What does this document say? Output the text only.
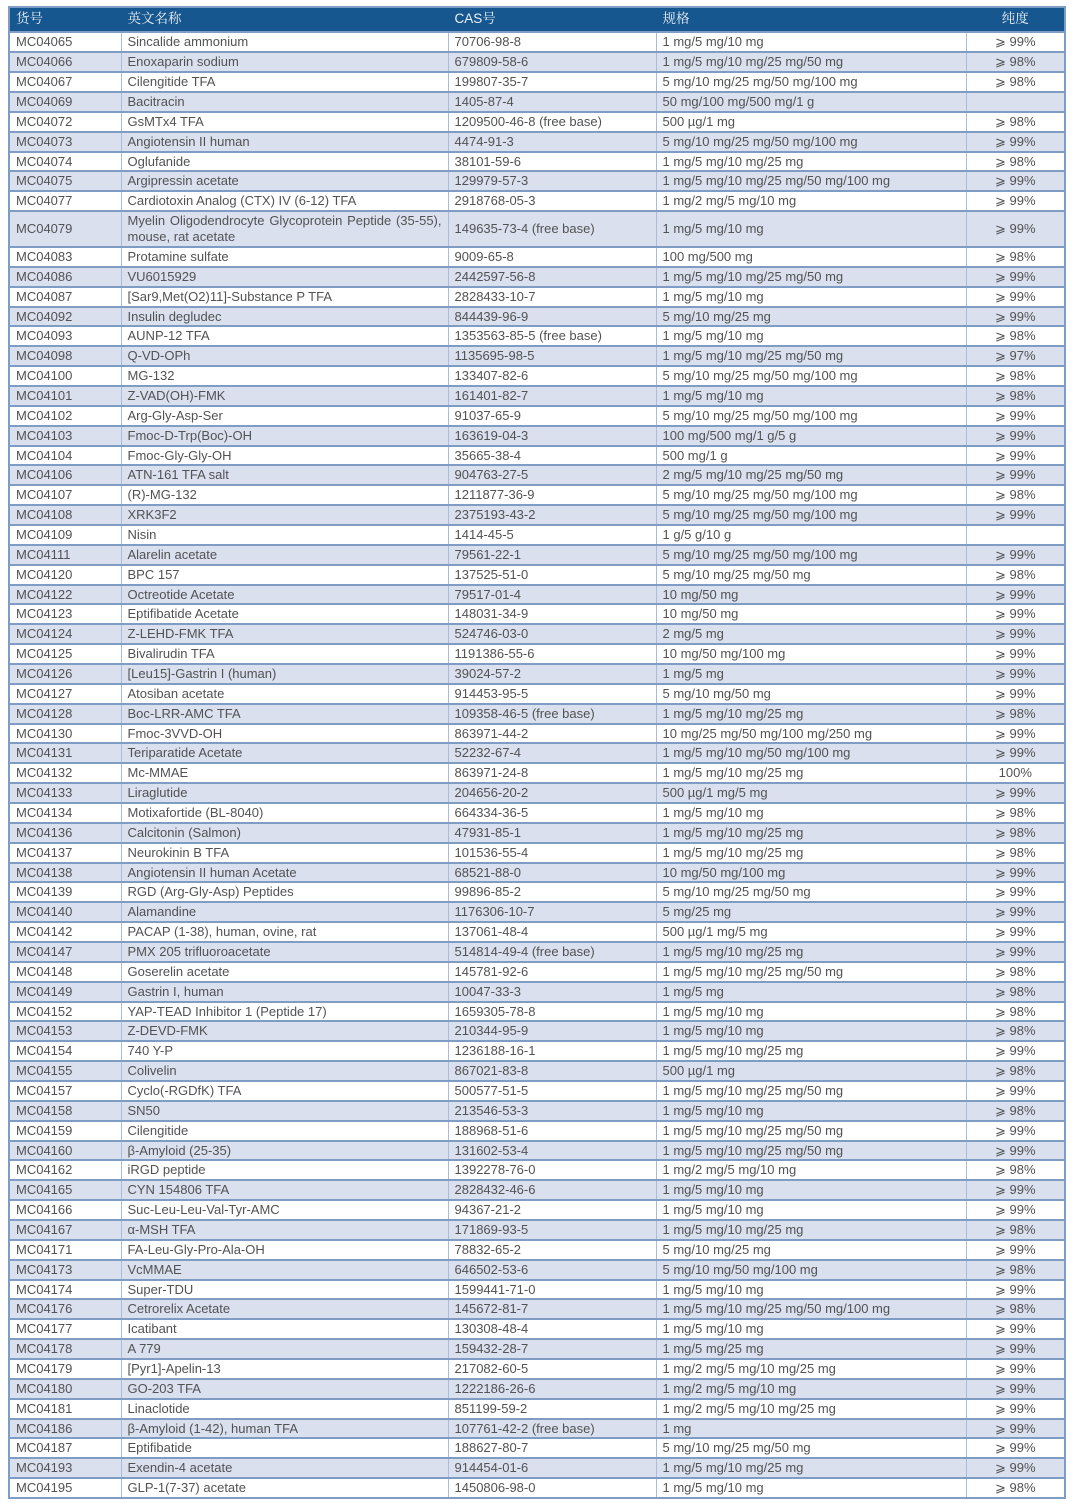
货号	英文名称	CAS号	规格	纯度
MC04065	Sincalide ammonium	70706-98-8	1 mg/5 mg/10 mg	⩾ 99%
MC04066	Enoxaparin sodium	679809-58-6	1 mg/5 mg/10 mg/25 mg/50 mg	⩾ 98%
MC04067	Cilengitide TFA	199807-35-7	5 mg/10 mg/25 mg/50 mg/100 mg	⩾ 98%
MC04069	Bacitracin	1405-87-4	50 mg/100 mg/500 mg/1 g	
MC04072	GsMTx4 TFA	1209500-46-8 (free base)	500 µg/1 mg	⩾ 98%
MC04073	Angiotensin II human	4474-91-3	5 mg/10 mg/25 mg/50 mg/100 mg	⩾ 99%
MC04074	Oglufanide	38101-59-6	1 mg/5 mg/10 mg/25 mg	⩾ 98%
MC04075	Argipressin acetate	129979-57-3	1 mg/5 mg/10 mg/25 mg/50 mg/100 mg	⩾ 99%
MC04077	Cardiotoxin Analog (CTX) IV (6-12) TFA	2918768-05-3	1 mg/2 mg/5 mg/10 mg	⩾ 99%
MC04079	Myelin Oligodendrocyte Glycoprotein Peptide (35-55), mouse, rat acetate	149635-73-4 (free base)	1 mg/5 mg/10 mg	⩾ 99%
MC04083	Protamine sulfate	9009-65-8	100 mg/500 mg	⩾ 98%
MC04086	VU6015929	2442597-56-8	1 mg/5 mg/10 mg/25 mg/50 mg	⩾ 99%
MC04087	[Sar9,Met(O2)11]-Substance P TFA	2828433-10-7	1 mg/5 mg/10 mg	⩾ 99%
MC04092	Insulin degludec	844439-96-9	5 mg/10 mg/25 mg	⩾ 99%
MC04093	AUNP-12 TFA	1353563-85-5 (free base)	1 mg/5 mg/10 mg	⩾ 98%
MC04098	Q-VD-OPh	1135695-98-5	1 mg/5 mg/10 mg/25 mg/50 mg	⩾ 97%
MC04100	MG-132	133407-82-6	5 mg/10 mg/25 mg/50 mg/100 mg	⩾ 98%
MC04101	Z-VAD(OH)-FMK	161401-82-7	1 mg/5 mg/10 mg	⩾ 98%
MC04102	Arg-Gly-Asp-Ser	91037-65-9	5 mg/10 mg/25 mg/50 mg/100 mg	⩾ 99%
MC04103	Fmoc-D-Trp(Boc)-OH	163619-04-3	100 mg/500 mg/1 g/5 g	⩾ 99%
MC04104	Fmoc-Gly-Gly-OH	35665-38-4	500 mg/1 g	⩾ 99%
MC04106	ATN-161 TFA salt	904763-27-5	2 mg/5 mg/10 mg/25 mg/50 mg	⩾ 99%
MC04107	(R)-MG-132	1211877-36-9	5 mg/10 mg/25 mg/50 mg/100 mg	⩾ 98%
MC04108	XRK3F2	2375193-43-2	5 mg/10 mg/25 mg/50 mg/100 mg	⩾ 99%
MC04109	Nisin	1414-45-5	1 g/5 g/10 g	
MC04111	Alarelin acetate	79561-22-1	5 mg/10 mg/25 mg/50 mg/100 mg	⩾ 99%
MC04120	BPC 157	137525-51-0	5 mg/10 mg/25 mg/50 mg	⩾ 98%
MC04122	Octreotide Acetate	79517-01-4	10 mg/50 mg	⩾ 99%
MC04123	Eptifibatide Acetate	148031-34-9	10 mg/50 mg	⩾ 99%
MC04124	Z-LEHD-FMK TFA	524746-03-0	2 mg/5 mg	⩾ 99%
MC04125	Bivalirudin TFA	1191386-55-6	10 mg/50 mg/100 mg	⩾ 99%
MC04126	[Leu15]-Gastrin I (human)	39024-57-2	1 mg/5 mg	⩾ 99%
MC04127	Atosiban acetate	914453-95-5	5 mg/10 mg/50 mg	⩾ 99%
MC04128	Boc-LRR-AMC TFA	109358-46-5 (free base)	1 mg/5 mg/10 mg/25 mg	⩾ 98%
MC04130	Fmoc-3VVD-OH	863971-44-2	10 mg/25 mg/50 mg/100 mg/250 mg	⩾ 99%
MC04131	Teriparatide Acetate	52232-67-4	1 mg/5 mg/10 mg/50 mg/100 mg	⩾ 99%
MC04132	Mc-MMAE	863971-24-8	1 mg/5 mg/10 mg/25 mg	100%
MC04133	Liraglutide	204656-20-2	500 µg/1 mg/5 mg	⩾ 99%
MC04134	Motixafortide (BL-8040)	664334-36-5	1 mg/5 mg/10 mg	⩾ 98%
MC04136	Calcitonin (Salmon)	47931-85-1	1 mg/5 mg/10 mg/25 mg	⩾ 98%
MC04137	Neurokinin B TFA	101536-55-4	1 mg/5 mg/10 mg/25 mg	⩾ 98%
MC04138	Angiotensin II human Acetate	68521-88-0	10 mg/50 mg/100 mg	⩾ 99%
MC04139	RGD (Arg-Gly-Asp) Peptides	99896-85-2	5 mg/10 mg/25 mg/50 mg	⩾ 99%
MC04140	Alamandine	1176306-10-7	5 mg/25 mg	⩾ 99%
MC04142	PACAP (1-38), human, ovine, rat	137061-48-4	500 µg/1 mg/5 mg	⩾ 99%
MC04147	PMX 205 trifluoroacetate	514814-49-4 (free base)	1 mg/5 mg/10 mg/25 mg	⩾ 99%
MC04148	Goserelin acetate	145781-92-6	1 mg/5 mg/10 mg/25 mg/50 mg	⩾ 98%
MC04149	Gastrin I, human	10047-33-3	1 mg/5 mg	⩾ 98%
MC04152	YAP-TEAD Inhibitor 1 (Peptide 17)	1659305-78-8	1 mg/5 mg/10 mg	⩾ 98%
MC04153	Z-DEVD-FMK	210344-95-9	1 mg/5 mg/10 mg	⩾ 98%
MC04154	740 Y-P	1236188-16-1	1 mg/5 mg/10 mg/25 mg	⩾ 99%
MC04155	Colivelin	867021-83-8	500 µg/1 mg	⩾ 98%
MC04157	Cyclo(-RGDfK) TFA	500577-51-5	1 mg/5 mg/10 mg/25 mg/50 mg	⩾ 99%
MC04158	SN50	213546-53-3	1 mg/5 mg/10 mg	⩾ 98%
MC04159	Cilengitide	188968-51-6	1 mg/5 mg/10 mg/25 mg/50 mg	⩾ 99%
MC04160	β-Amyloid (25-35)	131602-53-4	1 mg/5 mg/10 mg/25 mg/50 mg	⩾ 99%
MC04162	iRGD peptide	1392278-76-0	1 mg/2 mg/5 mg/10 mg	⩾ 98%
MC04165	CYN 154806 TFA	2828432-46-6	1 mg/5 mg/10 mg	⩾ 99%
MC04166	Suc-Leu-Leu-Val-Tyr-AMC	94367-21-2	1 mg/5 mg/10 mg	⩾ 99%
MC04167	α-MSH TFA	171869-93-5	1 mg/5 mg/10 mg/25 mg	⩾ 98%
MC04171	FA-Leu-Gly-Pro-Ala-OH	78832-65-2	5 mg/10 mg/25 mg	⩾ 99%
MC04173	VcMMAE	646502-53-6	5 mg/10 mg/50 mg/100 mg	⩾ 98%
MC04174	Super-TDU	1599441-71-0	1 mg/5 mg/10 mg	⩾ 99%
MC04176	Cetrorelix Acetate	145672-81-7	1 mg/5 mg/10 mg/25 mg/50 mg/100 mg	⩾ 98%
MC04177	Icatibant	130308-48-4	1 mg/5 mg/10 mg	⩾ 99%
MC04178	A 779	159432-28-7	1 mg/5 mg/25 mg	⩾ 99%
MC04179	[Pyr1]-Apelin-13	217082-60-5	1 mg/2 mg/5 mg/10 mg/25 mg	⩾ 99%
MC04180	GO-203 TFA	1222186-26-6	1 mg/2 mg/5 mg/10 mg	⩾ 99%
MC04181	Linaclotide	851199-59-2	1 mg/2 mg/5 mg/10 mg/25 mg	⩾ 99%
MC04186	β-Amyloid (1-42), human TFA	107761-42-2 (free base)	1 mg	⩾ 99%
MC04187	Eptifibatide	188627-80-7	5 mg/10 mg/25 mg/50 mg	⩾ 99%
MC04193	Exendin-4 acetate	914454-01-6	1 mg/5 mg/10 mg/25 mg	⩾ 99%
MC04195	GLP-1(7-37) acetate	1450806-98-0	1 mg/5 mg/10 mg	⩾ 98%
